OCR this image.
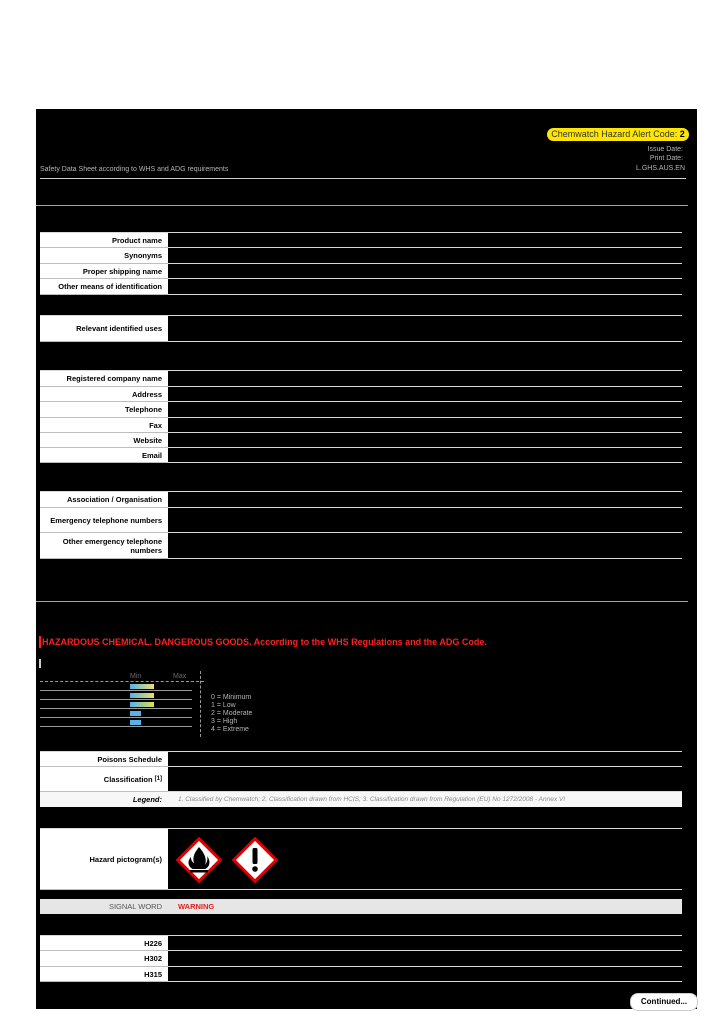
Chemwatch Hazard Alert Code: 2
Issue Date:
Print Date:
L.GHS.AUS.EN
Safety Data Sheet according to WHS and ADG requirements
Product name
Synonyms
Proper shipping name
Other means of identification
Relevant identified uses
Registered company name
Address
Telephone
Fax
Website
Email
Association / Organisation
Emergency telephone numbers
Other emergency telephone numbers
HAZARDOUS CHEMICAL. DANGEROUS GOODS. According to the WHS Regulations and the ADG Code.
Min	Max
0 = Minimum
1 = Low
2 = Moderate
3 = High
4 = Extreme
Poisons Schedule
Classification
[1]
Legend:	1. Classified by Chemwatch; 2. Classification drawn from HCIS; 3. Classification drawn from Regulation (EU) No 1272/2008 - Annex VI
Hazard pictogram(s)
SIGNAL WORD	WARNING
H226
H302
H315
Continued...
